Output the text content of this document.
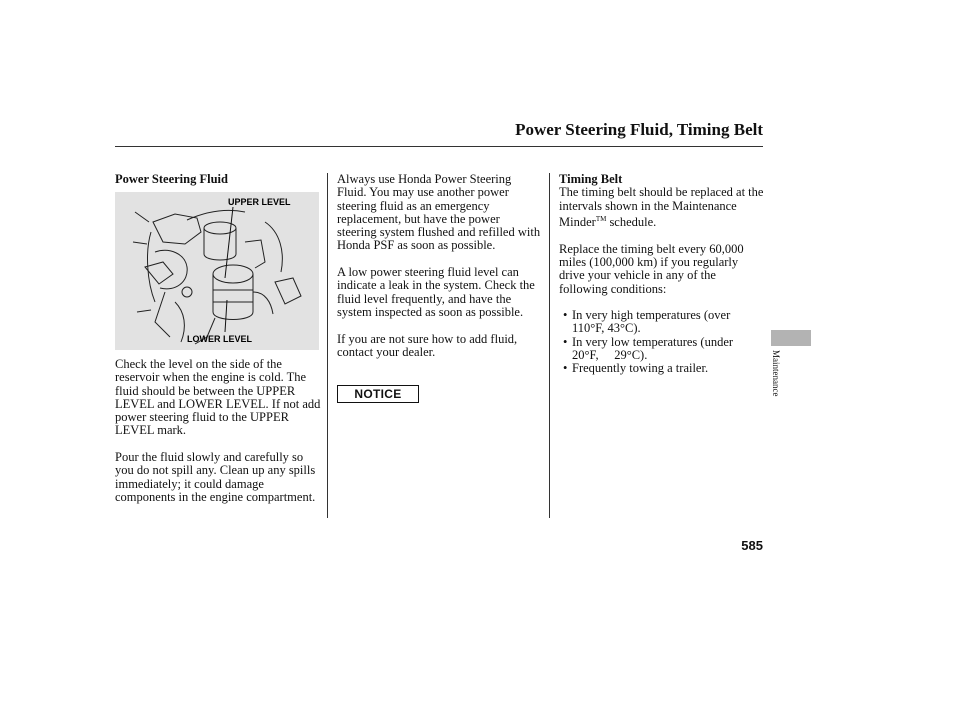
Power Steering Fluid, Timing Belt
Power Steering Fluid
UPPER LEVEL
LOWER LEVEL

Check the level on the side of the reservoir when the engine is cold. The fluid should be between the UPPER LEVEL and LOWER LEVEL. If not add power steering fluid to the UPPER LEVEL mark.

Pour the fluid slowly and carefully so you do not spill any. Clean up any spills immediately; it could damage components in the engine compartment.

Always use Honda Power Steering Fluid. You may use another power steering fluid as an emergency replacement, but have the power steering system flushed and refilled with Honda PSF as soon as possible.

A low power steering fluid level can indicate a leak in the system. Check the fluid level frequently, and have the system inspected as soon as possible.

If you are not sure how to add fluid, contact your dealer.

NOTICE
Timing Belt

The timing belt should be replaced at the intervals shown in the Maintenance Minder™ schedule.

Replace the timing belt every 60,000 miles (100,000 km) if you regularly drive your vehicle in any of the following conditions:

• In very high temperatures (over 110°F, 43°C).
• In very low temperatures (under     20°F,     29°C).
• Frequently towing a trailer.	Maintenance
585
